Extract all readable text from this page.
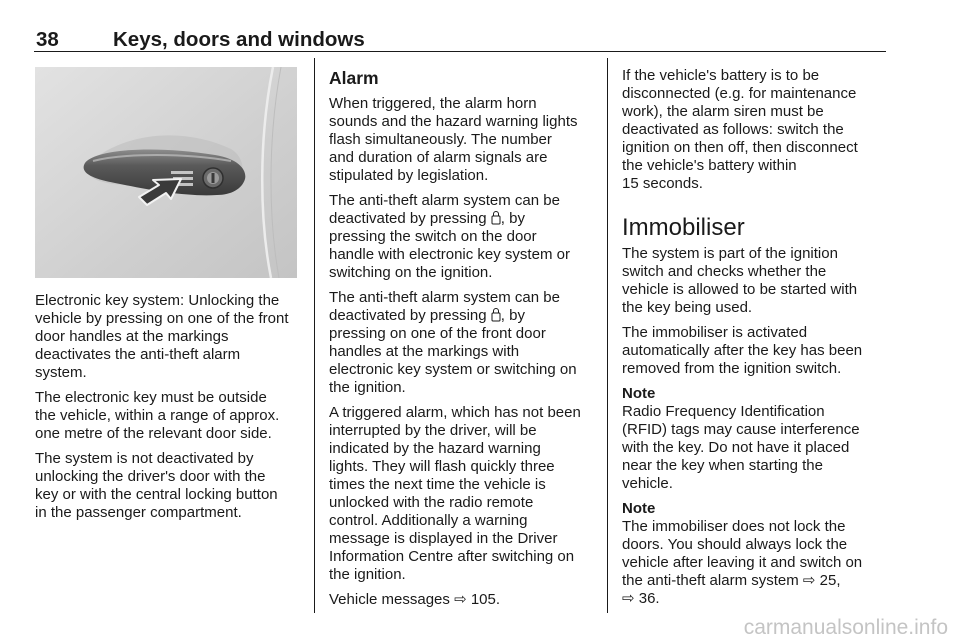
38	Keys, doors and windows

Electronic key system: Unlocking the
vehicle by pressing on one of the front
door handles at the markings
deactivates the anti-theft alarm
system.

The electronic key must be outside
the vehicle, within a range of approx.
one metre of the relevant door side.

The system is not deactivated by
unlocking the driver's door with the
key or with the central locking button
in the passenger compartment.

Alarm

When triggered, the alarm horn
sounds and the hazard warning lights
flash simultaneously. The number
and duration of alarm signals are
stipulated by legislation.

The anti-theft alarm system can be
deactivated by pressing , by
pressing the switch on the door
handle with electronic key system or
switching on the ignition.

The anti-theft alarm system can be
deactivated by pressing , by
pressing on one of the front door
handles at the markings with
electronic key system or switching on
the ignition.

A triggered alarm, which has not been
interrupted by the driver, will be
indicated by the hazard warning
lights. They will flash quickly three
times the next time the vehicle is
unlocked with the radio remote
control. Additionally a warning
message is displayed in the Driver
Information Centre after switching on
the ignition.

Vehicle messages ⇨ 105.

If the vehicle's battery is to be
disconnected (e.g. for maintenance
work), the alarm siren must be
deactivated as follows: switch the
ignition on then off, then disconnect
the vehicle's battery within
15 seconds.

Immobiliser

The system is part of the ignition
switch and checks whether the
vehicle is allowed to be started with
the key being used.

The immobiliser is activated
automatically after the key has been
removed from the ignition switch.

Note
Radio Frequency Identification
(RFID) tags may cause interference
with the key. Do not have it placed
near the key when starting the
vehicle.

Note
The immobiliser does not lock the
doors. You should always lock the
vehicle after leaving it and switch on
the anti-theft alarm system ⇨ 25,
⇨ 36.

carmanualsonline.info
